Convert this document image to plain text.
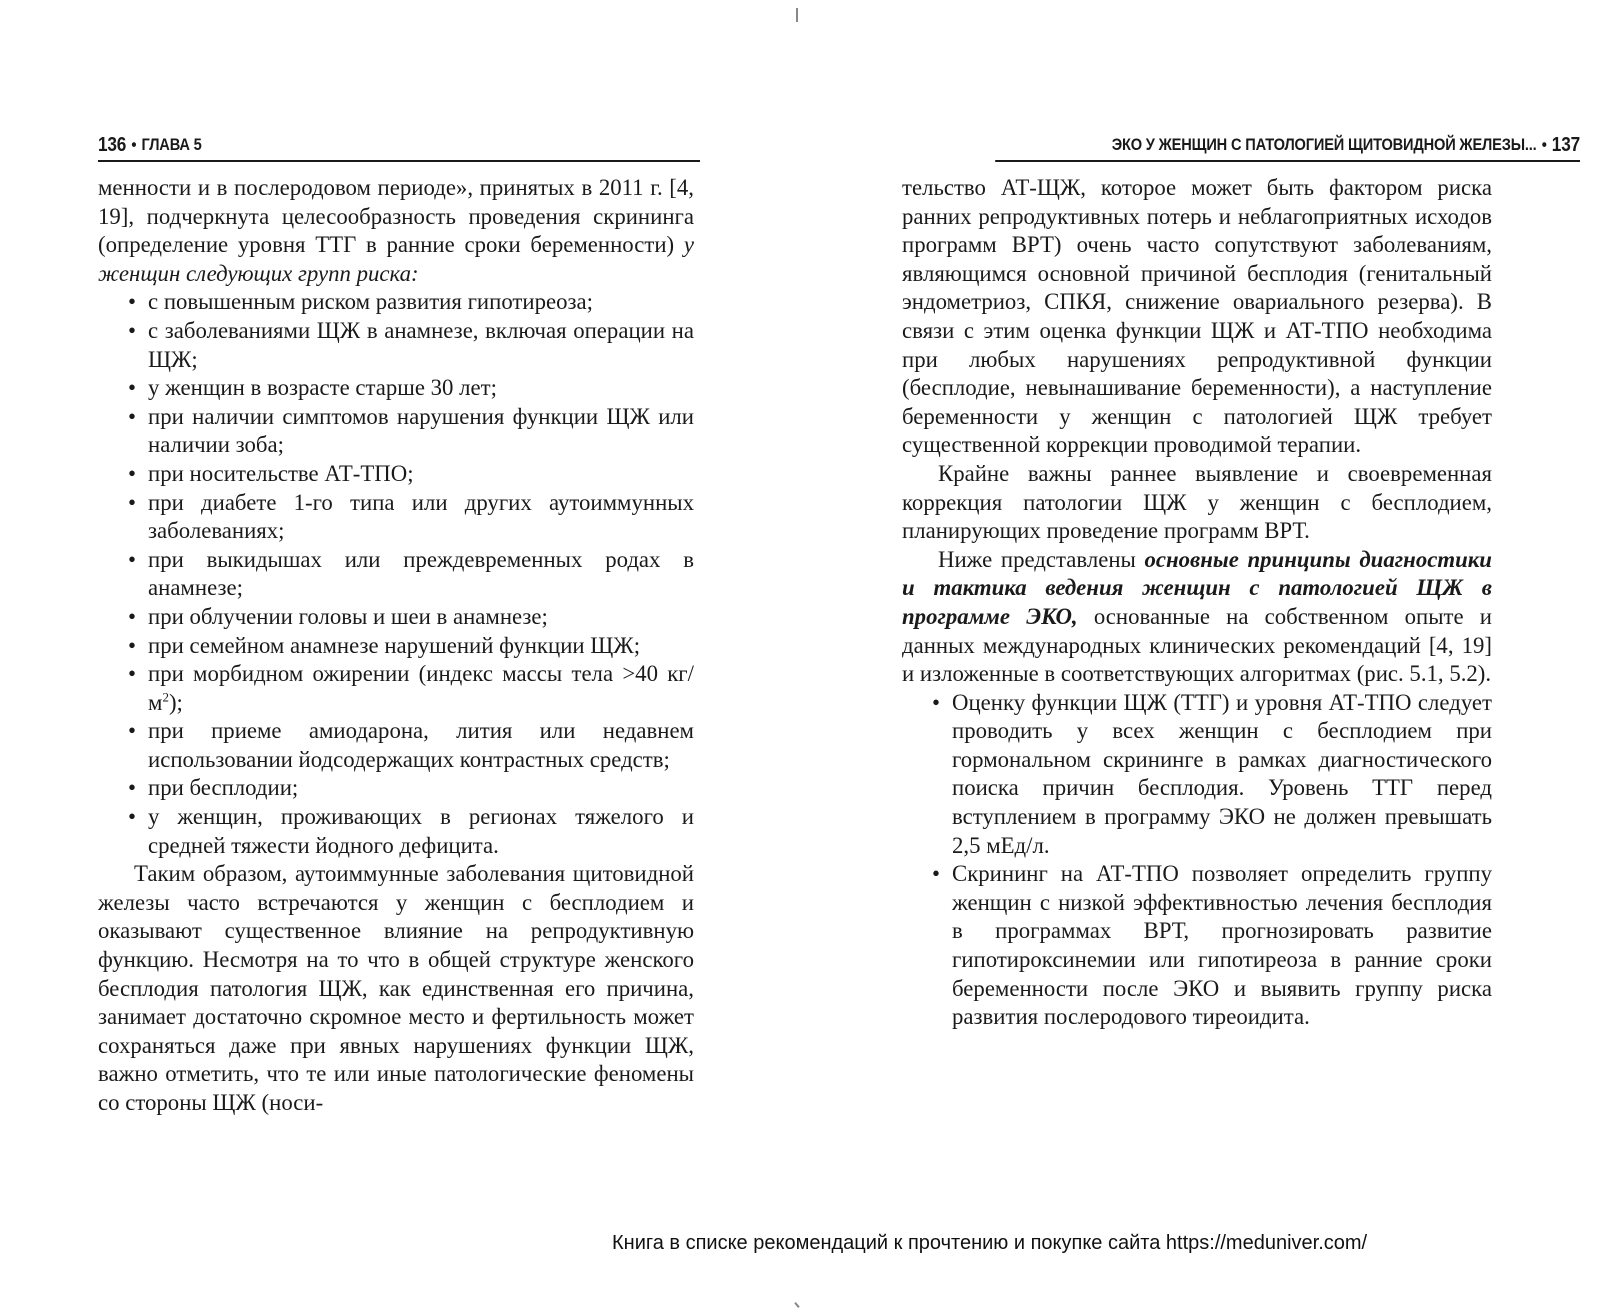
136 • ГЛАВА 5

менности и в послеродовом периоде», принятых в 2011 г. [4, 19], подчеркнута целесообразность проведения скрининга (определение уровня ТТГ в ранние сроки беременности) у женщин следующих групп риска:

• с повышенным риском развития гипотиреоза;
• с заболеваниями ЩЖ в анамнезе, включая операции на ЩЖ;
• у женщин в возрасте старше 30 лет;
• при наличии симптомов нарушения функции ЩЖ или наличии зоба;
• при носительстве АТ-ТПО;
• при диабете 1-го типа или других аутоиммунных заболеваниях;
• при выкидышах или преждевременных родах в анамнезе;
• при облучении головы и шеи в анамнезе;
• при семейном анамнезе нарушений функции ЩЖ;
• при морбидном ожирении (индекс массы тела >40 $кг/м^2$);
• при приеме амиодарона, лития или недавнем использовании йодсодержащих контрастных средств;
• при бесплодии;
• у женщин, проживающих в регионах тяжелого и средней тяжести йодного дефицита.

Таким образом, аутоиммунные заболевания щитовидной железы часто встречаются у женщин с бесплодием и оказывают существенное влияние на репродуктивную функцию. Несмотря на то что в общей структуре женского бесплодия патология ЩЖ, как единственная его причина, занимает достаточно скромное место и фертильность может сохраняться даже при явных нарушениях функции ЩЖ, важно отметить, что те или иные патологические феномены со стороны ЩЖ (носи-

ЭКО У ЖЕНЩИН С ПАТОЛОГИЕЙ ЩИТОВИДНОЙ ЖЕЛЕЗЫ... • 137

тельство АТ-ЩЖ, которое может быть фактором риска ранних репродуктивных потерь и неблагоприятных исходов программ ВРТ) очень часто сопутствуют заболеваниям, являющимся основной причиной бесплодия (генитальный эндометриоз, СПКЯ, снижение овариального резерва). В связи с этим оценка функции ЩЖ и АТ-ТПО необходима при любых нарушениях репродуктивной функции (бесплодие, невынашивание беременности), а наступление беременности у женщин с патологией ЩЖ требует существенной коррекции проводимой терапии.

Крайне важны раннее выявление и своевременная коррекция патологии ЩЖ у женщин с бесплодием, планирующих проведение программ ВРТ.

Ниже представлены основные принципы диагностики и тактика ведения женщин с патологией ЩЖ в программе ЭКО, основанные на собственном опыте и данных международных клинических рекомендаций [4, 19] и изложенные в соответствующих алгоритмах (рис. 5.1, 5.2).

• Оценку функции ЩЖ (ТТГ) и уровня АТ-ТПО следует проводить у всех женщин с бесплодием при гормональном скрининге в рамках диагностического поиска причин бесплодия. Уровень ТТГ перед вступлением в программу ЭКО не должен превышать 2,5 мЕд/л.
• Скрининг на АТ-ТПО позволяет определить группу женщин с низкой эффективностью лечения бесплодия в программах ВРТ, прогнозировать развитие гипотироксинемии или гипотиреоза в ранние сроки беременности после ЭКО и выявить группу риска развития послеродового тиреоидита.
Книга в списке рекомендаций к прочтению и покупке сайта https://meduniver.com/
